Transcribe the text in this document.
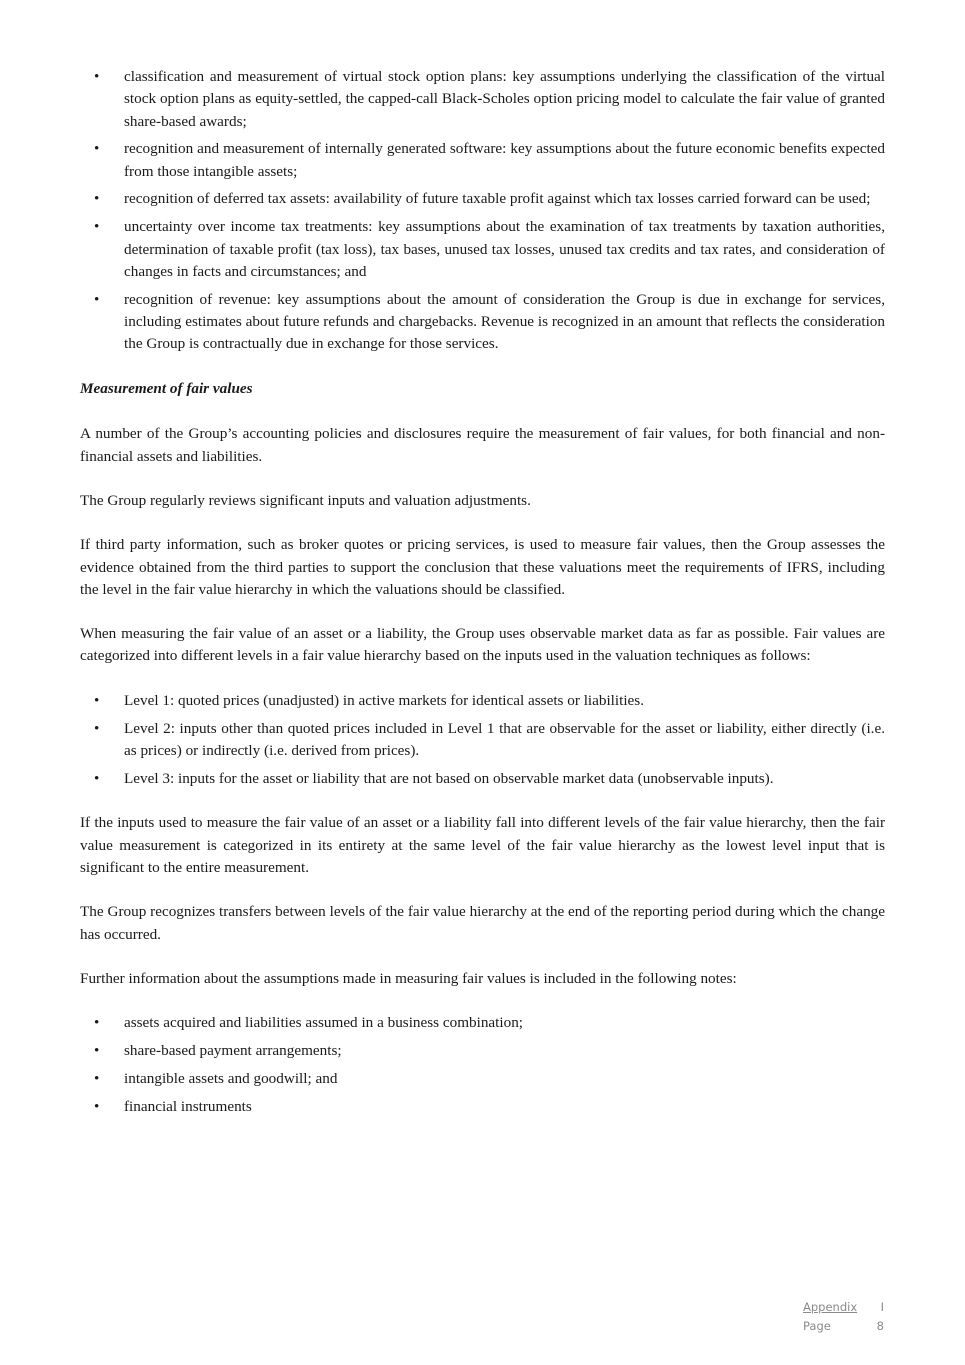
• classification and measurement of virtual stock option plans: key assumptions underlying the classification of the virtual stock option plans as equity-settled, the capped-call Black-Scholes option pricing model to calculate the fair value of granted share-based awards;
• recognition and measurement of internally generated software: key assumptions about the future economic benefits expected from those intangible assets;
• recognition of deferred tax assets: availability of future taxable profit against which tax losses carried forward can be used;
• uncertainty over income tax treatments: key assumptions about the examination of tax treatments by taxation authorities, determination of taxable profit (tax loss), tax bases, unused tax losses, unused tax credits and tax rates, and consideration of changes in facts and circumstances; and
• recognition of revenue: key assumptions about the amount of consideration the Group is due in exchange for services, including estimates about future refunds and chargebacks. Revenue is recognized in an amount that reflects the consideration the Group is contractually due in exchange for those services.

Measurement of fair values

A number of the Group’s accounting policies and disclosures require the measurement of fair values, for both financial and non-financial assets and liabilities.

The Group regularly reviews significant inputs and valuation adjustments.

If third party information, such as broker quotes or pricing services, is used to measure fair values, then the Group assesses the evidence obtained from the third parties to support the conclusion that these valuations meet the requirements of IFRS, including the level in the fair value hierarchy in which the valuations should be classified.

When measuring the fair value of an asset or a liability, the Group uses observable market data as far as possible. Fair values are categorized into different levels in a fair value hierarchy based on the inputs used in the valuation techniques as follows:

• Level 1: quoted prices (unadjusted) in active markets for identical assets or liabilities.
• Level 2: inputs other than quoted prices included in Level 1 that are observable for the asset or liability, either directly (i.e. as prices) or indirectly (i.e. derived from prices).
• Level 3: inputs for the asset or liability that are not based on observable market data (unobservable inputs).

If the inputs used to measure the fair value of an asset or a liability fall into different levels of the fair value hierarchy, then the fair value measurement is categorized in its entirety at the same level of the fair value hierarchy as the lowest level input that is significant to the entire measurement.

The Group recognizes transfers between levels of the fair value hierarchy at the end of the reporting period during which the change has occurred.

Further information about the assumptions made in measuring fair values is included in the following notes:

• assets acquired and liabilities assumed in a business combination;
• share-based payment arrangements;
• intangible assets and goodwill; and
• financial instruments
Appendix I
Page	8
